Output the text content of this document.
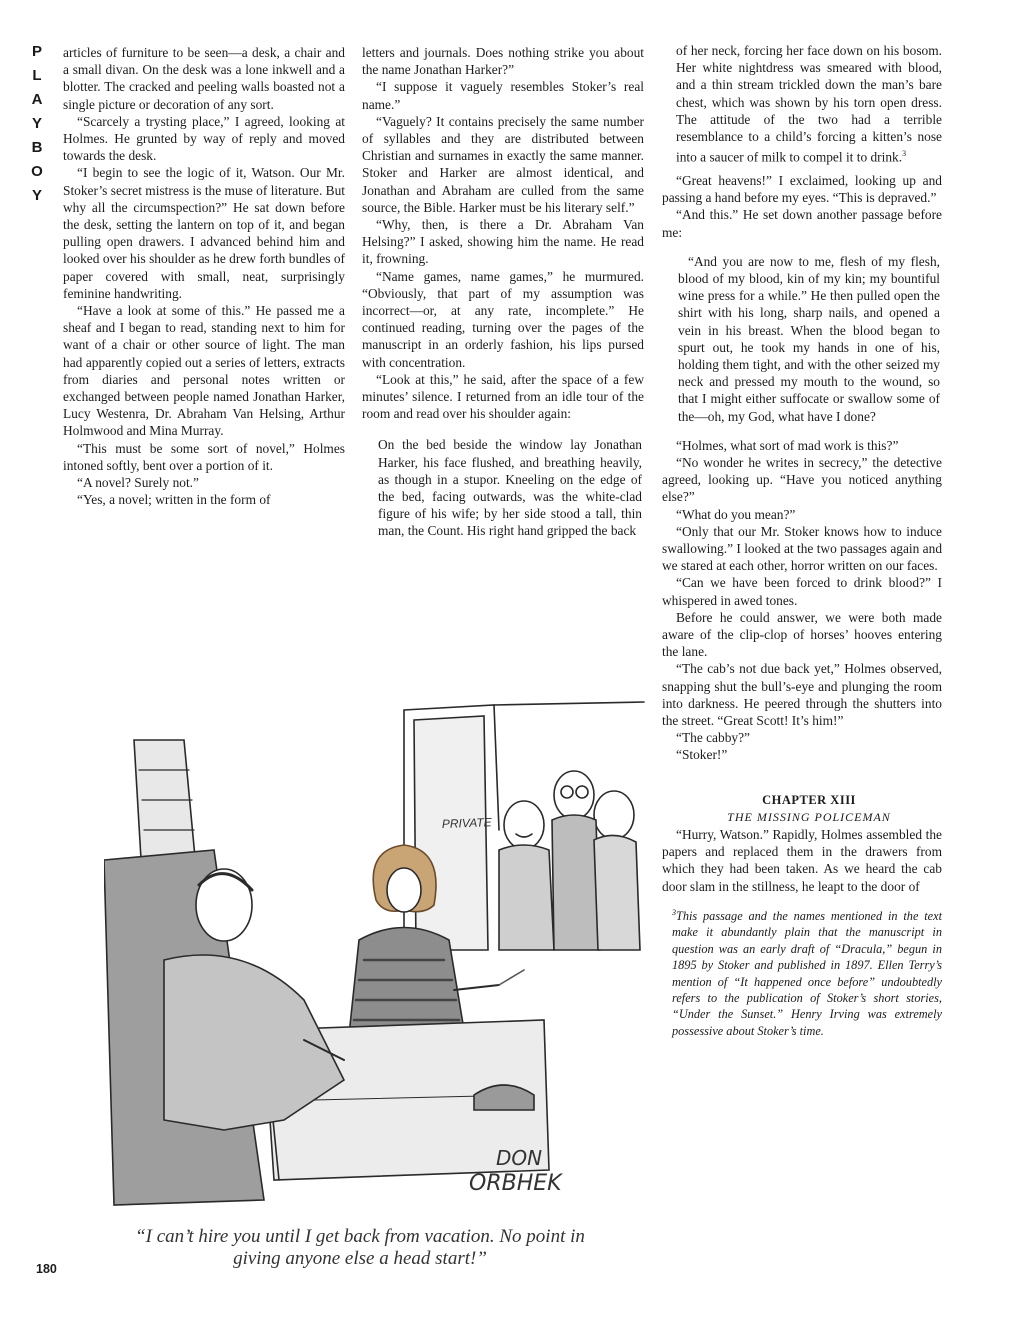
P
L
A
Y
B
O
Y

articles of furniture to be seen—a desk, a chair and a small divan. On the desk was a lone inkwell and a blotter. The cracked and peeling walls boasted not a single picture or decoration of any sort.

“Scarcely a trysting place,” I agreed, looking at Holmes. He grunted by way of reply and moved towards the desk.

“I begin to see the logic of it, Watson. Our Mr. Stoker’s secret mistress is the muse of literature. But why all the circumspection?” He sat down before the desk, setting the lantern on top of it, and began pulling open drawers. I advanced behind him and looked over his shoulder as he drew forth bundles of paper covered with small, neat, surprisingly feminine handwriting.

“Have a look at some of this.” He passed me a sheaf and I began to read, standing next to him for want of a chair or other source of light. The man had apparently copied out a series of letters, extracts from diaries and personal notes written or exchanged between people named Jonathan Harker, Lucy Westenra, Dr. Abraham Van Helsing, Arthur Holmwood and Mina Murray.

“This must be some sort of novel,” Holmes intoned softly, bent over a portion of it.

“A novel? Surely not.”

“Yes, a novel; written in the form of

letters and journals. Does nothing strike you about the name Jonathan Harker?”

“I suppose it vaguely resembles Stoker’s real name.”

“Vaguely? It contains precisely the same number of syllables and they are distributed between Christian and surnames in exactly the same manner. Stoker and Harker are almost identical, and Jonathan and Abraham are culled from the same source, the Bible. Harker must be his literary self.”

“Why, then, is there a Dr. Abraham Van Helsing?” I asked, showing him the name. He read it, frowning.

“Name games, name games,” he murmured. “Obviously, that part of my assumption was incorrect—or, at any rate, incomplete.” He continued reading, turning over the pages of the manuscript in an orderly fashion, his lips pursed with concentration.

“Look at this,” he said, after the space of a few minutes’ silence. I returned from an idle tour of the room and read over his shoulder again:

On the bed beside the window lay Jonathan Harker, his face flushed, and breathing heavily, as though in a stupor. Kneeling on the edge of the bed, facing outwards, was the white-clad figure of his wife; by her side stood a tall, thin man, the Count. His right hand gripped the back

of her neck, forcing her face down on his bosom. Her white nightdress was smeared with blood, and a thin stream trickled down the man’s bare chest, which was shown by his torn open dress. The attitude of the two had a terrible resemblance to a child’s forcing a kitten’s nose into a saucer of milk to compel it to drink.$^3$

“Great heavens!” I exclaimed, looking up and passing a hand before my eyes. “This is depraved.”

“And this.” He set down another passage before me:

“And you are now to me, flesh of my flesh, blood of my blood, kin of my kin; my bountiful wine press for a while.” He then pulled open the shirt with his long, sharp nails, and opened a vein in his breast. When the blood began to spurt out, he took my hands in one of his, holding them tight, and with the other seized my neck and pressed my mouth to the wound, so that I might either suffocate or swallow some of the—oh, my God, what have I done?

“Holmes, what sort of mad work is this?”

“No wonder he writes in secrecy,” the detective agreed, looking up. “Have you noticed anything else?”

“What do you mean?”

“Only that our Mr. Stoker knows how to induce swallowing.” I looked at the two passages again and we stared at each other, horror written on our faces.

“Can we have been forced to drink blood?” I whispered in awed tones.

Before he could answer, we were both made aware of the clip-clop of horses’ hooves entering the lane.

“The cab’s not due back yet,” Holmes observed, snapping shut the bull’s-eye and plunging the room into darkness. He peered through the shutters into the street. “Great Scott! It’s him!”

“The cabby?”

“Stoker!”

CHAPTER XIII

THE MISSING POLICEMAN

“Hurry, Watson.” Rapidly, Holmes assembled the papers and replaced them in the drawers from which they had been taken. As we heard the cab door slam in the stillness, he leapt to the door of

$^3$This passage and the names mentioned in the text make it abundantly plain that the manuscript in question was an early draft of “Dracula,” begun in 1895 by Stoker and published in 1897. Ellen Terry’s mention of “It happened once before” undoubtedly refers to the publication of Stoker’s short stories, “Under the Sunset.” Henry Irving was extremely possessive about Stoker’s time.
PRIVATE
DON
ORBHEK
“I can’t hire you until I get back from vacation. No point in giving anyone else a head start!”
180
